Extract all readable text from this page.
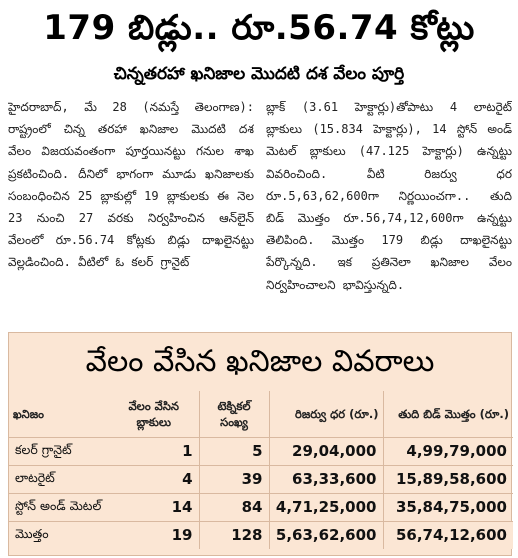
179 బిడ్లు.. రూ.56.74 కోట్లు
చిన్నతరహా ఖనిజాల మొదటి దశ వేలం పూర్తి

హైదరాబాద్, మే 28 (నమస్తే తెలంగాణ): రాష్ట్రంలో చిన్న తరహా ఖనిజాల మొదటి దశ వేలం విజయవంతంగా పూర్తయినట్టు గనుల శాఖ ప్రకటించింది. దీనిలో భాగంగా మూడు ఖనిజాలకు సంబంధించిన 25 బ్లాకుల్లో 19 బ్లాకులకు ఈ నెల 23 నుంచి 27 వరకు నిర్వహించిన ఆన్‌లైన్ వేలంలో రూ.56.74 కోట్లకు బిడ్లు దాఖలైనట్టు వెల్లడించింది. వీటిలో ఓ కలర్ గ్రానైట్

బ్లాక్ (3.61 హెక్టార్లు)తోపాటు 4 లాటరైట్ బ్లాకులు (15.834 హెక్టార్లు), 14 స్టోన్ అండ్ మెటల్ బ్లాకులు (47.125 హెక్టార్లు) ఉన్నట్టు వివరించింది. వీటి రిజర్వు ధర రూ.5,63,62,600గా నిర్ణయించగా.. తుది బిడ్ మొత్తం రూ.56,74,12,600గా ఉన్నట్టు తెలిపింది. మొత్తం 179 బిడ్లు దాఖలైనట్టు పేర్కొన్నది. ఇక ప్రతినెలా ఖనిజాల వేలం నిర్వహించాలని భావిస్తున్నది.

వేలం వేసిన ఖనిజాల వివరాలు
ఖనిజం	వేలం వేసిన బ్లాకులు	టెక్నికల్ సంఖ్య	రిజర్వు ధర (రూ.)	తుది బిడ్ మొత్తం (రూ.)
కలర్ గ్రానైట్	1	5	29,04,000	4,99,79,000
లాటరైట్	4	39	63,33,600	15,89,58,600
స్టోన్ అండ్ మెటల్	14	84	4,71,25,000	35,84,75,000
మొత్తం	19	128	5,63,62,600	56,74,12,600
